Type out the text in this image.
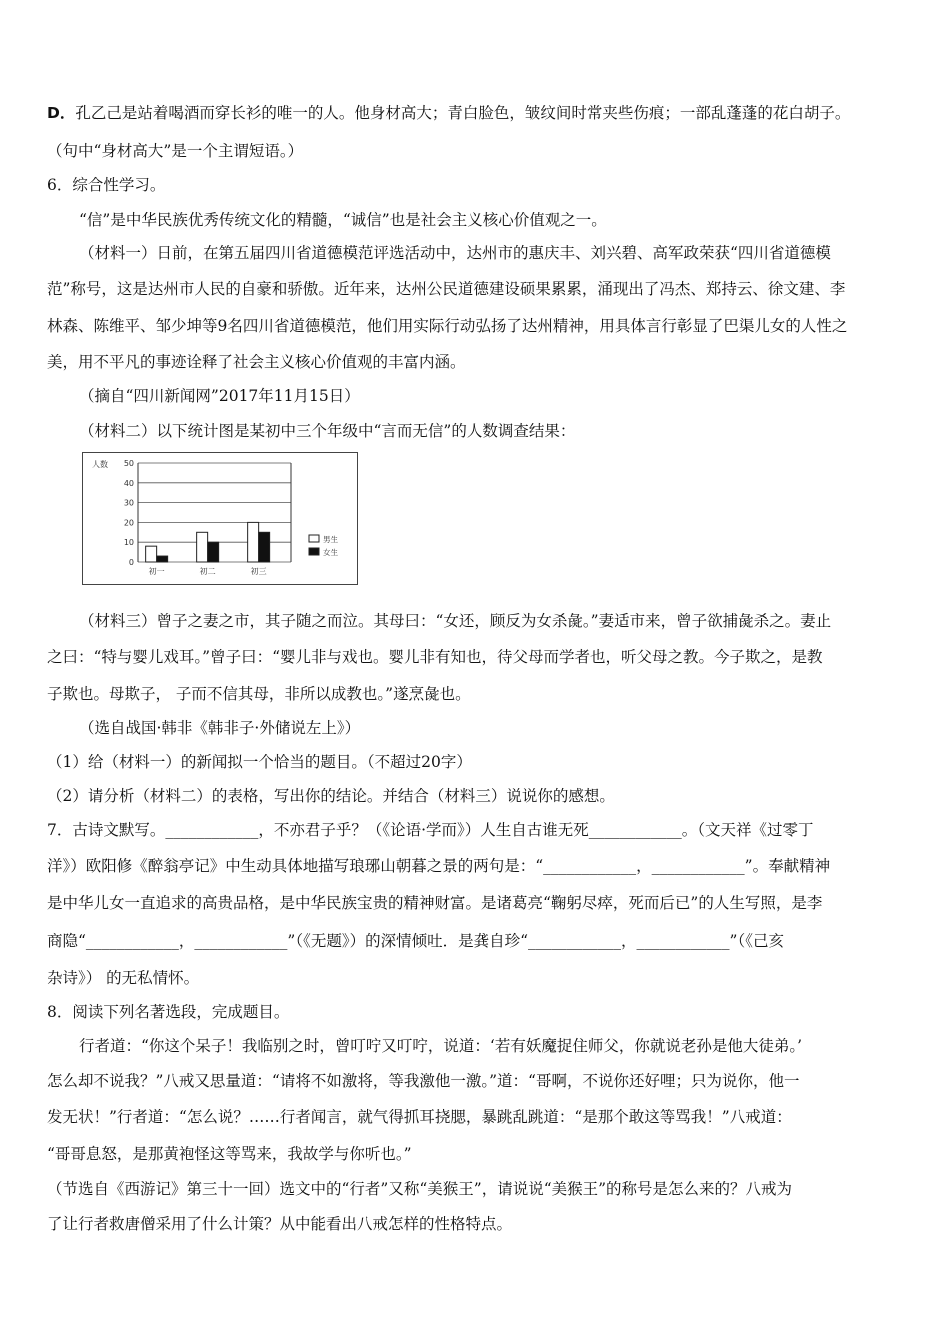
D．孔乙己是站着喝酒而穿长衫的唯一的人。他身材高大；青白脸色，皱纹间时常夹些伤痕；一部乱蓬蓬的花白胡子。
（句中“身材高大”是一个主谓短语。）
6．综合性学习。
“信”是中华民族优秀传统文化的精髓，“诚信”也是社会主义核心价值观之一。
（材料一）日前，在第五届四川省道德模范评选活动中，达州市的惠庆丰、刘兴碧、高军政荣获“四川省道德模
范”称号，这是达州市人民的自豪和骄傲。近年来，达州公民道德建设硕果累累，涌现出了冯杰、郑持云、徐文建、李
林森、陈维平、邹少坤等9名四川省道德模范，他们用实际行动弘扬了达州精神，用具体言行彰显了巴渠儿女的人性之
美，用不平凡的事迹诠释了社会主义核心价值观的丰富内涵。
（摘自“四川新闻网”2017年11月15日）
（材料二）以下统计图是某初中三个年级中“言而无信”的人数调查结果：
人数
0
10
20
30
40
50
初一	初二	初三
男生
女生
（材料三）曾子之妻之市，其子随之而泣。其母曰：“女还，顾反为女杀彘。”妻适市来，曾子欲捕彘杀之。妻止
之曰：“特与婴儿戏耳。”曾子曰：“婴儿非与戏也。婴儿非有知也，待父母而学者也，听父母之教。今子欺之，是教
子欺也。母欺子， 子而不信其母，非所以成教也。”遂烹彘也。
（选自战国·韩非《韩非子·外储说左上》）
（1）给（材料一）的新闻拟一个恰当的题目。（不超过20字）
（2）请分析（材料二）的表格，写出你的结论。并结合（材料三）说说你的感想。
7．古诗文默写。____________，不亦君子乎？（《论语·学而》）人生自古谁无死____________。（文天祥《过零丁
洋》）欧阳修《醉翁亭记》中生动具体地描写琅琊山朝暮之景的两句是：“____________，____________”。奉献精神
是中华儿女一直追求的高贵品格，是中华民族宝贵的精神财富。是诸葛亮“鞠躬尽瘁，死而后已”的人生写照，是李
商隐“____________，____________”（《无题》）的深情倾吐．是龚自珍“____________，____________”（《己亥
杂诗》） 的无私情怀。
8．阅读下列名著选段，完成题目。
行者道：“你这个呆子！我临别之时，曾叮咛又叮咛，说道：‘若有妖魔捉住师父，你就说老孙是他大徒弟。’
怎么却不说我？”八戒又思量道：“请将不如激将，等我激他一激。”道：“哥啊，不说你还好哩；只为说你，他一
发无状！”行者道：“怎么说？……行者闻言，就气得抓耳挠腮，暴跳乱跳道：“是那个敢这等骂我！”八戒道：
“哥哥息怒，是那黄袍怪这等骂来，我故学与你听也。”
（节选自《西游记》第三十一回）选文中的“行者”又称“美猴王”，请说说“美猴王”的称号是怎么来的？八戒为
了让行者救唐僧采用了什么计策？从中能看出八戒怎样的性格特点。
